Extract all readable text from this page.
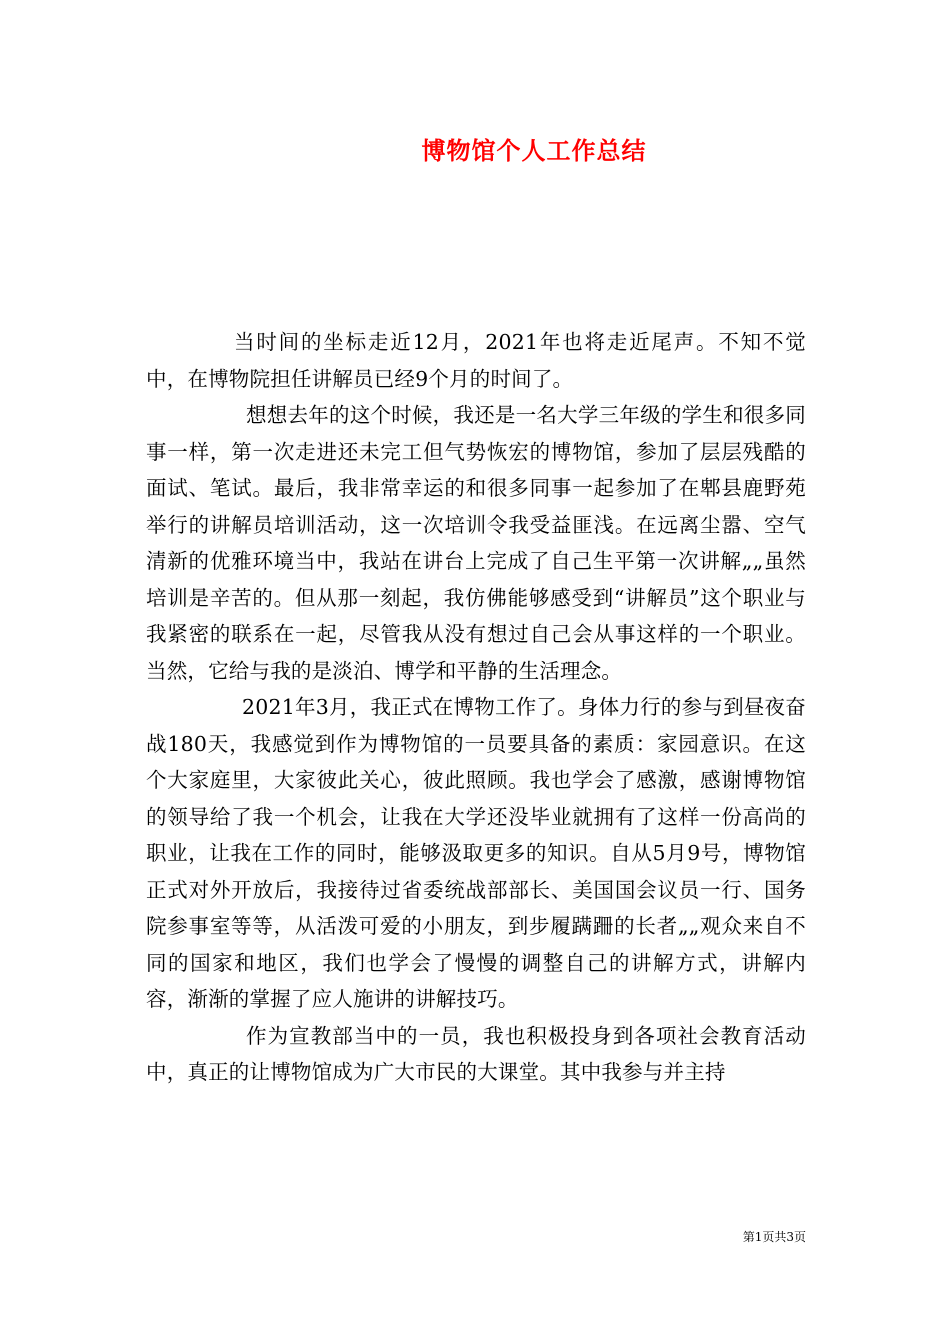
博物馆个人工作总结

当时间的坐标走近12月，2021年也将走近尾声。不知不觉中，在博物院担任讲解员已经9个月的时间了。

想想去年的这个时候，我还是一名大学三年级的学生和很多同事一样，第一次走进还未完工但气势恢宏的博物馆，参加了层层残酷的面试、笔试。最后，我非常幸运的和很多同事一起参加了在郫县鹿野苑举行的讲解员培训活动，这一次培训令我受益匪浅。在远离尘嚣、空气清新的优雅环境当中，我站在讲台上完成了自己生平第一次讲解„„虽然培训是辛苦的。但从那一刻起，我仿佛能够感受到“讲解员”这个职业与我紧密的联系在一起，尽管我从没有想过自己会从事这样的一个职业。当然，它给与我的是淡泊、博学和平静的生活理念。

2021年3月，我正式在博物工作了。身体力行的参与到昼夜奋战180天，我感觉到作为博物馆的一员要具备的素质：家园意识。在这个大家庭里，大家彼此关心，彼此照顾。我也学会了感激，感谢博物馆的领导给了我一个机会，让我在大学还没毕业就拥有了这样一份高尚的职业，让我在工作的同时，能够汲取更多的知识。自从5月9号，博物馆正式对外开放后，我接待过省委统战部部长、美国国会议员一行、国务院参事室等等，从活泼可爱的小朋友，到步履蹒跚的长者„„观众来自不同的国家和地区，我们也学会了慢慢的调整自己的讲解方式，讲解内容，渐渐的掌握了应人施讲的讲解技巧。

作为宣教部当中的一员，我也积极投身到各项社会教育活动中，真正的让博物馆成为广大市民的大课堂。其中我参与并主持

第1页共3页
